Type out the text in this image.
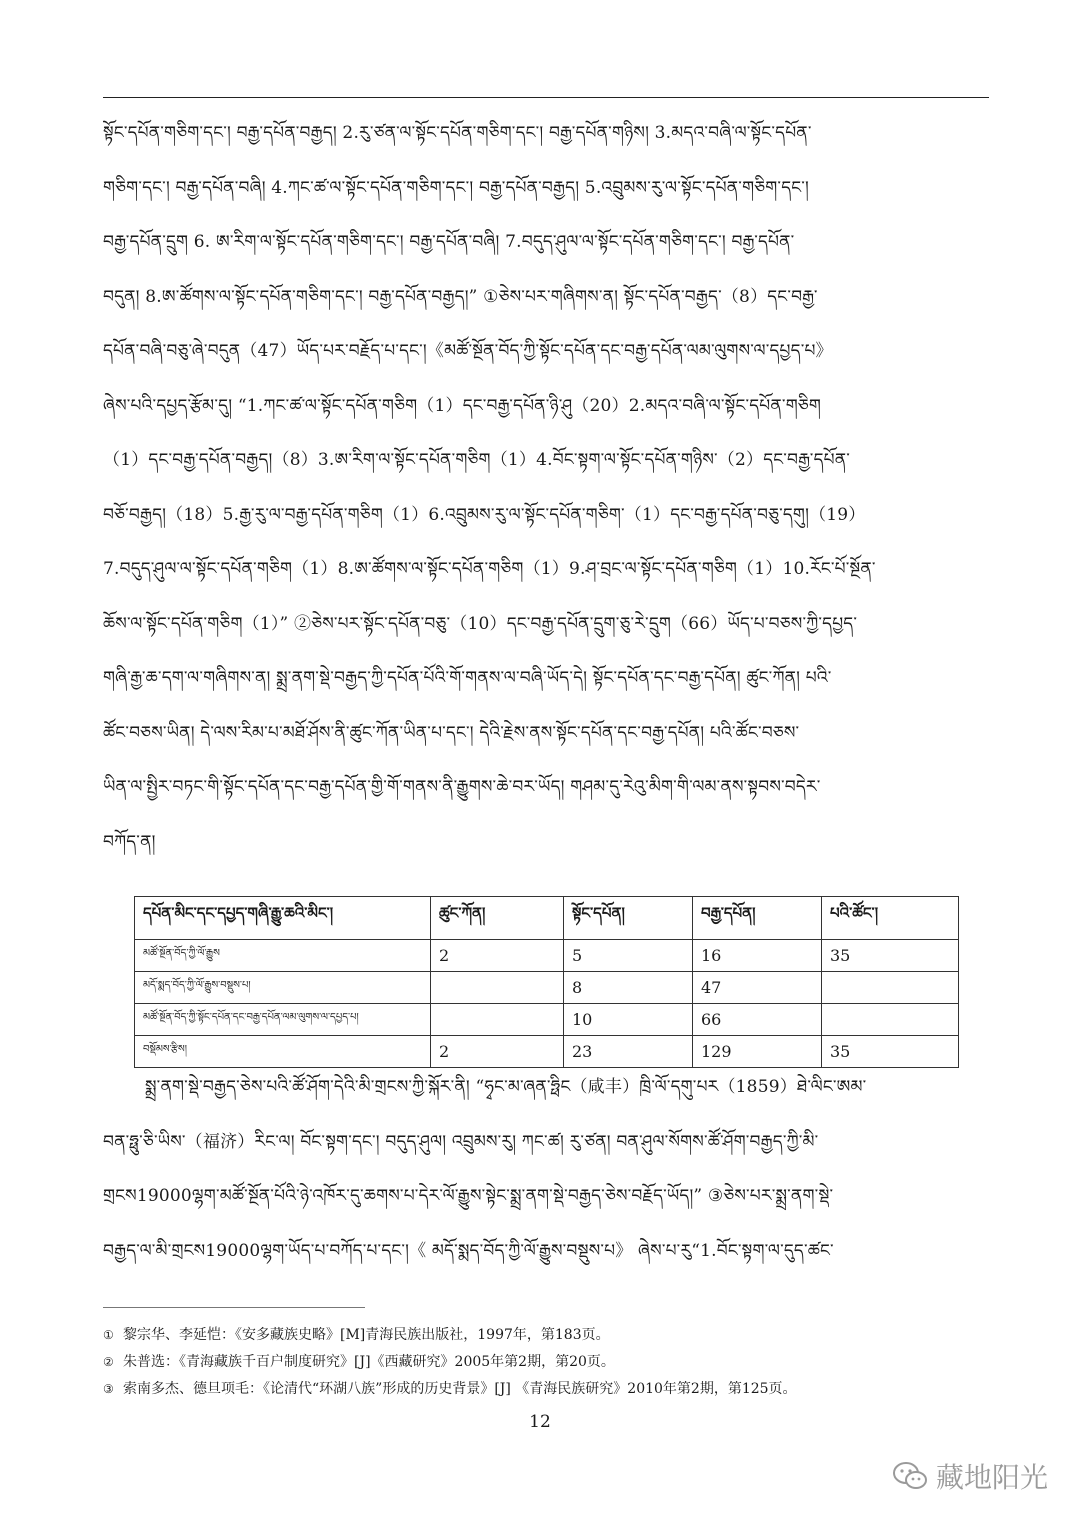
སྟོང་དཔོན་གཅིག་དང་། བརྒྱ་དཔོན་བརྒྱད། 2.རུ་ཙན་ལ་སྟོང་དཔོན་གཅིག་དང་། བརྒྱ་དཔོན་གཉིས། 3.མདའ་བཞི་ལ་སྟོང་དཔོན་
གཅིག་དང་། བརྒྱ་དཔོན་བཞི། 4.ཀང་ཚ་ལ་སྟོང་དཔོན་གཅིག་དང་། བརྒྱ་དཔོན་བརྒྱད། 5.འབྲུམས་རུ་ལ་སྟོང་དཔོན་གཅིག་དང་།
བརྒྱ་དཔོན་དྲུག 6. ཨ་རིག་ལ་སྟོང་དཔོན་གཅིག་དང་། བརྒྱ་དཔོན་བཞི། 7.བདུད་ཤུལ་ལ་སྟོང་དཔོན་གཅིག་དང་། བརྒྱ་དཔོན་
བདུན། 8.ཨ་ཚོགས་ལ་སྟོང་དཔོན་གཅིག་དང་། བརྒྱ་དཔོན་བརྒྱད།” ①ཅེས་པར་གཞིགས་ན། སྟོང་དཔོན་བརྒྱད་（8）དང་བརྒྱ་
དཔོན་བཞི་བཅུ་ཞེ་བདུན（47）ཡོད་པར་བརྗོད་པ་དང་།《མཚོ་སྔོན་བོད་ཀྱི་སྟོང་དཔོན་དང་བརྒྱ་དཔོན་ལམ་ལུགས་ལ་དཔྱད་པ》
ཞེས་པའི་དཔྱད་རྩོམ་དུ། “1.ཀང་ཚ་ལ་སྟོང་དཔོན་གཅིག（1）དང་བརྒྱ་དཔོན་ཉི་ཤུ（20）2.མདའ་བཞི་ལ་སྟོང་དཔོན་གཅིག
（1）དང་བརྒྱ་དཔོན་བརྒྱད།（8）3.ཨ་རིག་ལ་སྟོང་དཔོན་གཅིག（1）4.བོང་སྟག་ལ་སྟོང་དཔོན་གཉིས་（2）དང་བརྒྱ་དཔོན་
བཅོ་བརྒྱད།（18）5.རྒྱ་རུ་ལ་བརྒྱ་དཔོན་གཅིག（1）6.འབྲུམས་རུ་ལ་སྟོང་དཔོན་གཅིག་（1）དང་བརྒྱ་དཔོན་བཅུ་དགུ།（19）
7.བདུད་ཤུལ་ལ་སྟོང་དཔོན་གཅིག（1）8.ཨ་ཚོགས་ལ་སྟོང་དཔོན་གཅིག（1）9.ཤ་བྲང་ལ་སྟོང་དཔོན་གཅིག（1）10.རོང་པོ་སྔོན་
ཆོས་ལ་སྟོང་དཔོན་གཅིག（1）” ②ཅེས་པར་སྟོང་དཔོན་བཅུ་（10）དང་བརྒྱ་དཔོན་དྲུག་ཅུ་རེ་དྲུག（66）ཡོད་པ་བཅས་ཀྱི་དཔྱད་
གཞི་རྒྱ་ཆ་དག་ལ་གཞིགས་ན། སྨྲ་ནག་སྡེ་བརྒྱད་ཀྱི་དཔོན་པོའི་གོ་གནས་ལ་བཞི་ཡོད་དེ། སྟོང་དཔོན་དང་བརྒྱ་དཔོན། ཚུང་ཀོན། པའི་
ཚོང་བཅས་ཡིན། དེ་ལས་རིམ་པ་མཐོ་ཤོས་ནི་ཚུང་ཀོན་ཡིན་པ་དང་། དེའི་རྗེས་ནས་སྟོང་དཔོན་དང་བརྒྱ་དཔོན། པའི་ཚོང་བཅས་
ཡིན་ལ་སྤྱིར་བཏང་གི་སྟོང་དཔོན་དང་བརྒྱ་དཔོན་གྱི་གོ་གནས་ནི་རྒྱུགས་ཆེ་བར་ཡོད། གཤམ་དུ་རེའུ་མིག་གི་ལམ་ནས་སྟབས་བདེར་
བཀོད་ན།
དཔོན་མིང་དང་དཔྱད་གཞི་རྒྱུ་ཆའི་མིང་།	ཚུང་ཀོན།	སྟོང་དཔོན།	བརྒྱ་དཔོན།	པའི་ཚོང་།
མཚོ་སྔོན་བོད་ཀྱི་ལོ་རྒྱུས	2	5	16	35
མདོ་སྨད་བོད་ཀྱི་ལོ་རྒྱུས་བསྡུས་པ།		8	47	
མཚོ་སྔོན་བོད་ཀྱི་སྟོང་དཔོན་དང་བརྒྱ་དཔོན་ལམ་ལུགས་ལ་དཔྱད་པ།		10	66	
བསྡོམས་རྩིས།	2	23	129	35
སྨྲ་ནག་སྡེ་བརྒྱད་ཅེས་པའི་ཚོ་ཤོག་དེའི་མི་གྲངས་ཀྱི་སྐོར་ནི། “ཧྭང་མ་ཞན་ཧྥིང（咸丰）ཁྲི་ལོ་དགུ་པར（1859）ཐེ་ལིང་ཨམ་
བན་ཧྥུ་ཅི་ཡིས་（福济）རིང་ལ། བོང་སྟག་དང་། བདུད་ཤུལ། འབྲུམས་རུ། ཀང་ཚ། རུ་ཙན། བན་ཤུལ་སོགས་ཚོ་ཤོག་བརྒྱད་ཀྱི་མི་
གྲངས19000ལྷག་མཚོ་སྔོན་པོའི་ཉེ་འཁོར་དུ་ཆགས་པ་དེར་ལོ་རྒྱུས་སྟེང་སྨྲ་ནག་སྡེ་བརྒྱད་ཅེས་བརྗོད་ཡོད།” ③ཅེས་པར་སྨྲ་ནག་སྡེ་
བརྒྱད་ལ་མི་གྲངས19000ལྷག་ཡོད་པ་བཀོད་པ་དང་།《 མདོ་སྨད་བོད་ཀྱི་ལོ་རྒྱུས་བསྡུས་པ》 ཞེས་པ་རུ“1.བོང་སྟག་ལ་དུད་ཚང་
① 黎宗华、李延恺：《安多藏族史略》[M]青海民族出版社，1997年，第183页。
② 朱普选：《青海藏族千百户制度研究》[J]《西藏研究》2005年第2期，第20页。
③ 索南多杰、德旦项毛：《论清代“环湖八族”形成的历史背景》[J] 《青海民族研究》2010年第2期，第125页。
12
藏地阳光
